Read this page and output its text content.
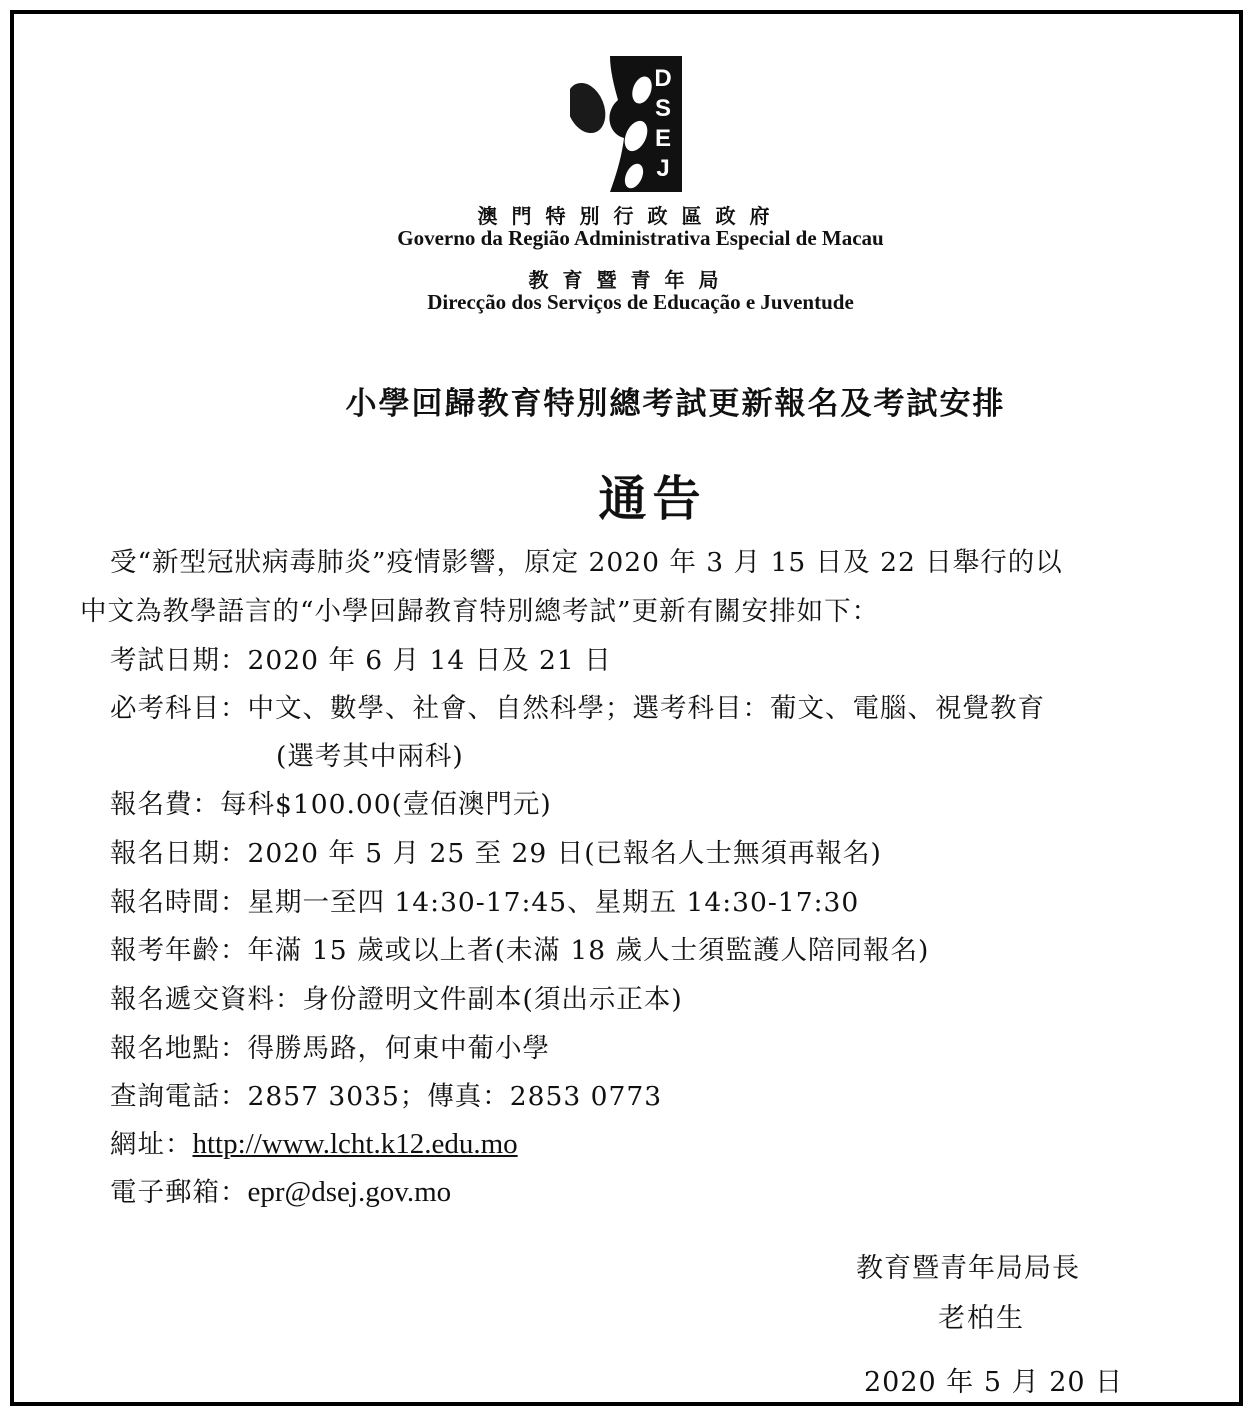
D
S
E
J
澳門特別行政區政府
Governo da Região Administrativa Especial de Macau
教育暨青年局
Direcção dos Serviços de Educação e Juventude
小學回歸教育特別總考試更新報名及考試安排
通告
受“新型冠狀病毒肺炎”疫情影響，原定 2020 年 3 月 15 日及 22 日舉行的以
中文為教學語言的“小學回歸教育特別總考試”更新有關安排如下：
考試日期：2020 年 6 月 14 日及 21 日
必考科目：中文、數學、社會、自然科學；選考科目：葡文、電腦、視覺教育
(選考其中兩科)
報名費：每科$100.00(壹佰澳門元)
報名日期：2020 年 5 月 25 至 29 日(已報名人士無須再報名)
報名時間：星期一至四 14:30-17:45、星期五 14:30-17:30
報考年齡：年滿 15 歲或以上者(未滿 18 歲人士須監護人陪同報名)
報名遞交資料：身份證明文件副本(須出示正本)
報名地點：得勝馬路，何東中葡小學
查詢電話：2857 3035；傳真：2853 0773
網址：http://www.lcht.k12.edu.mo
電子郵箱：epr@dsej.gov.mo
教育暨青年局局長
老柏生
2020 年 5 月 20 日
